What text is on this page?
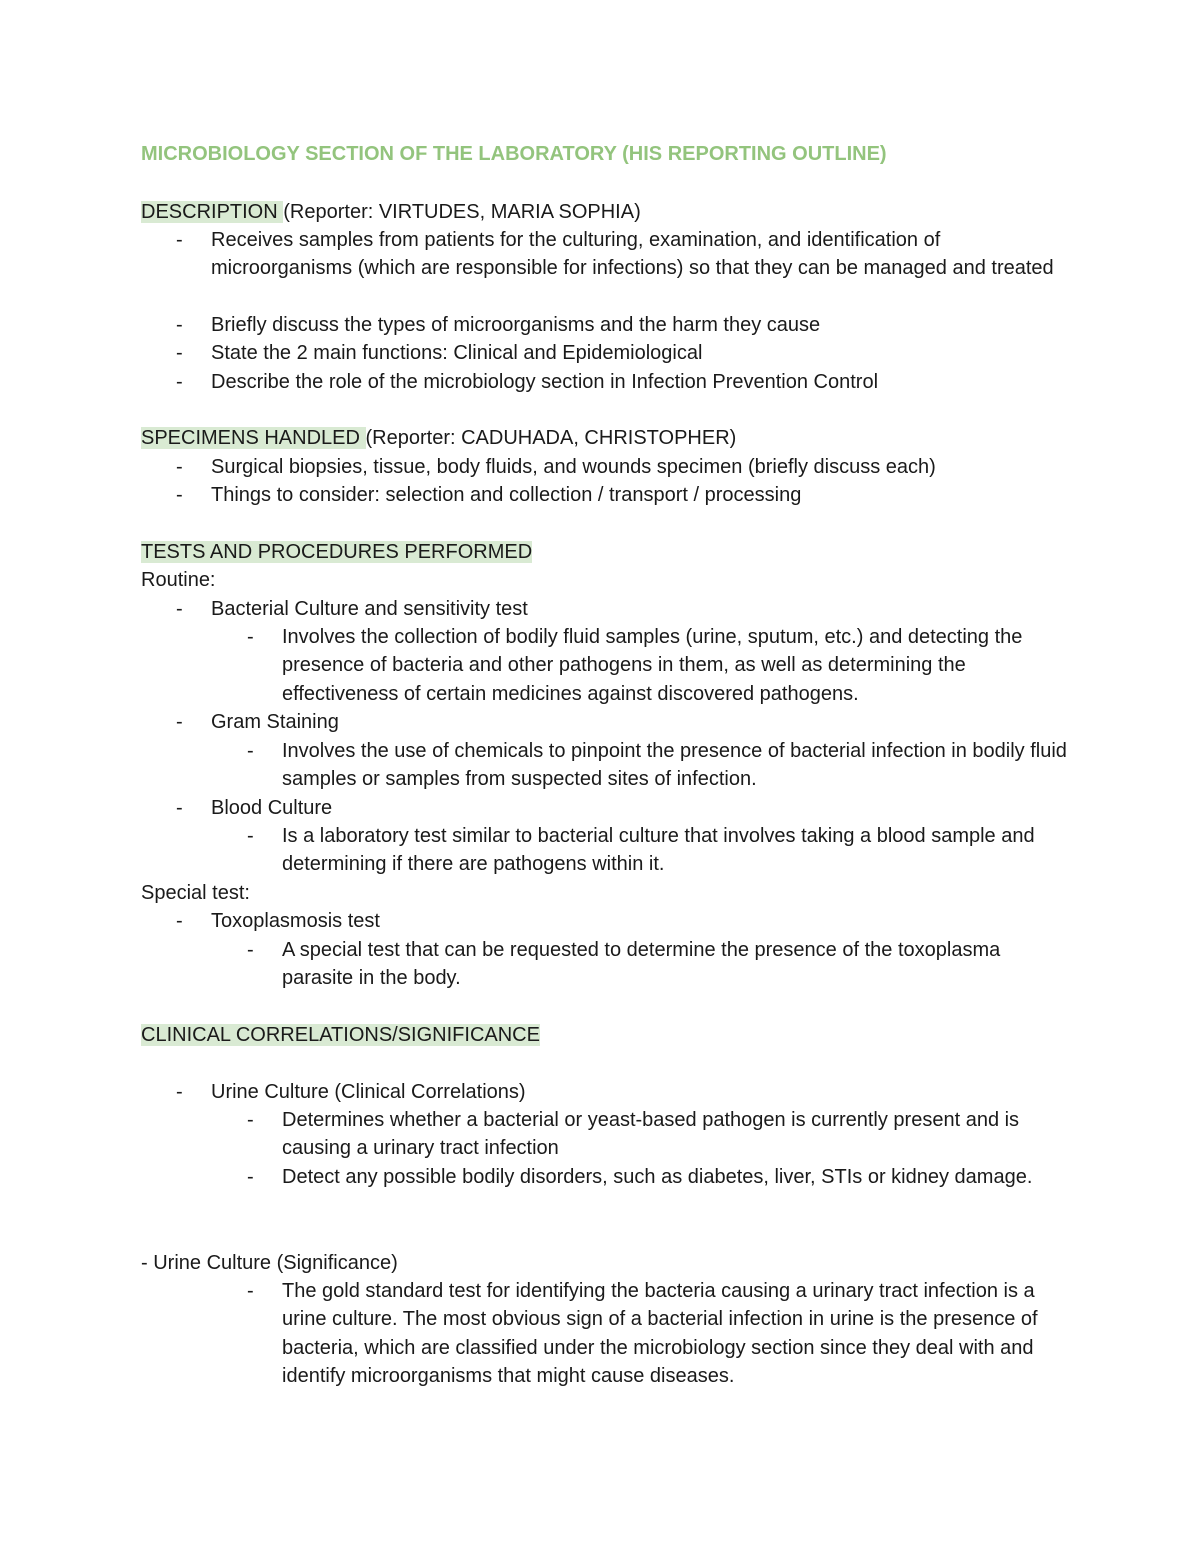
MICROBIOLOGY SECTION OF THE LABORATORY (HIS REPORTING OUTLINE)
DESCRIPTION (Reporter: VIRTUDES, MARIA SOPHIA)
- Receives samples from patients for the culturing, examination, and identification of microorganisms (which are responsible for infections) so that they can be managed and treated
- Briefly discuss the types of microorganisms and the harm they cause
- State the 2 main functions: Clinical and Epidemiological
- Describe the role of the microbiology section in Infection Prevention Control
SPECIMENS HANDLED (Reporter: CADUHADA, CHRISTOPHER)
- Surgical biopsies, tissue, body fluids, and wounds specimen (briefly discuss each)
- Things to consider: selection and collection / transport / processing
TESTS AND PROCEDURES PERFORMED
Routine:
- Bacterial Culture and sensitivity test
- Involves the collection of bodily fluid samples (urine, sputum, etc.) and detecting the presence of bacteria and other pathogens in them, as well as determining the effectiveness of certain medicines against discovered pathogens.
- Gram Staining
- Involves the use of chemicals to pinpoint the presence of bacterial infection in bodily fluid samples or samples from suspected sites of infection.
- Blood Culture
- Is a laboratory test similar to bacterial culture that involves taking a blood sample and determining if there are pathogens within it.
Special test:
- Toxoplasmosis test
- A special test that can be requested to determine the presence of the toxoplasma parasite in the body.
CLINICAL CORRELATIONS/SIGNIFICANCE
- Urine Culture (Clinical Correlations)
- Determines whether a bacterial or yeast-based pathogen is currently present and is causing a urinary tract infection
- Detect any possible bodily disorders, such as diabetes, liver, STIs or kidney damage.
- Urine Culture (Significance)
- The gold standard test for identifying the bacteria causing a urinary tract infection is a urine culture. The most obvious sign of a bacterial infection in urine is the presence of bacteria, which are classified under the microbiology section since they deal with and identify microorganisms that might cause diseases.
